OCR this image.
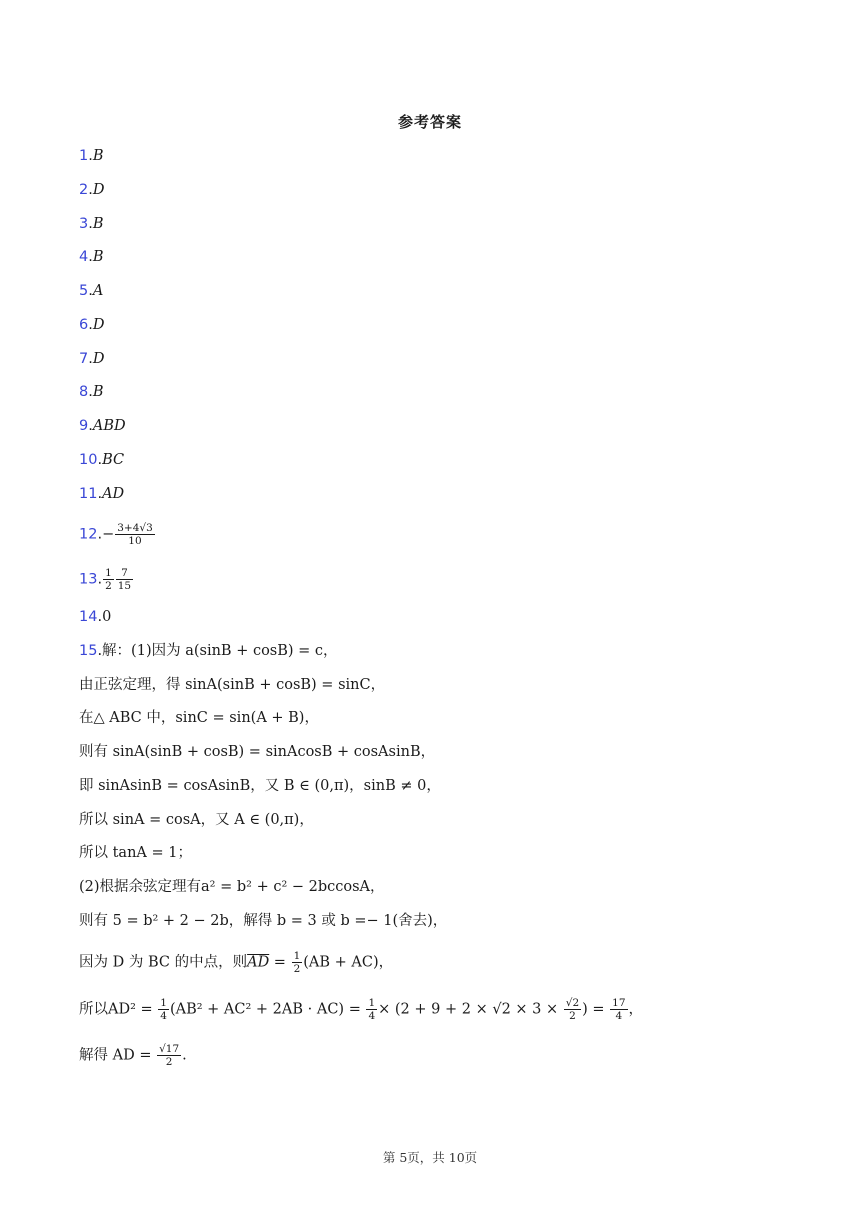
参考答案
1.B
2.D
3.B
4.B
5.A
6.D
7.D
8.B
9.ABD
10.BC
11.AD
$12.- \frac{3+4√3}{10}$
13. $\frac{1}{2} \frac{7}{15}$
14.0
15.解：(1)因为 a(sinB + cosB) = c，
由正弦定理，得 sinA(sinB + cosB) = sinC，
在△ ABC 中，sinC = sin(A + B)，
则有 sinA(sinB + cosB) = sinAcosB + cosAsinB，
即 sinAsinB = cosAsinB，又 B ∈ (0,π)，sinB ≠ 0，
所以 sinA = cosA，又 A ∈ (0,π)，
所以 tanA = 1；
(2)根据余弦定理有a² = b² + c² − 2bccosA，
则有 5 = b² + 2 − 2b，解得 b = 3 或 b =− 1(舍去)，
因为 D 为 BC 的中点，则$\overline{AD} = \frac{1}{2} (AB + AC)$，
所以$AD^2 = \frac{1}{4} (AB^2 + AC^2 + 2AB \cdot AC) = \frac{1}{4} \times (2 + 9 + 2 \times √2 \times 3 \times \frac{√2}{2}$ ) = $\frac{17}{4}$ ，
解得 AD = $\frac{√17}{2}$ .
第 5页，共 10页
